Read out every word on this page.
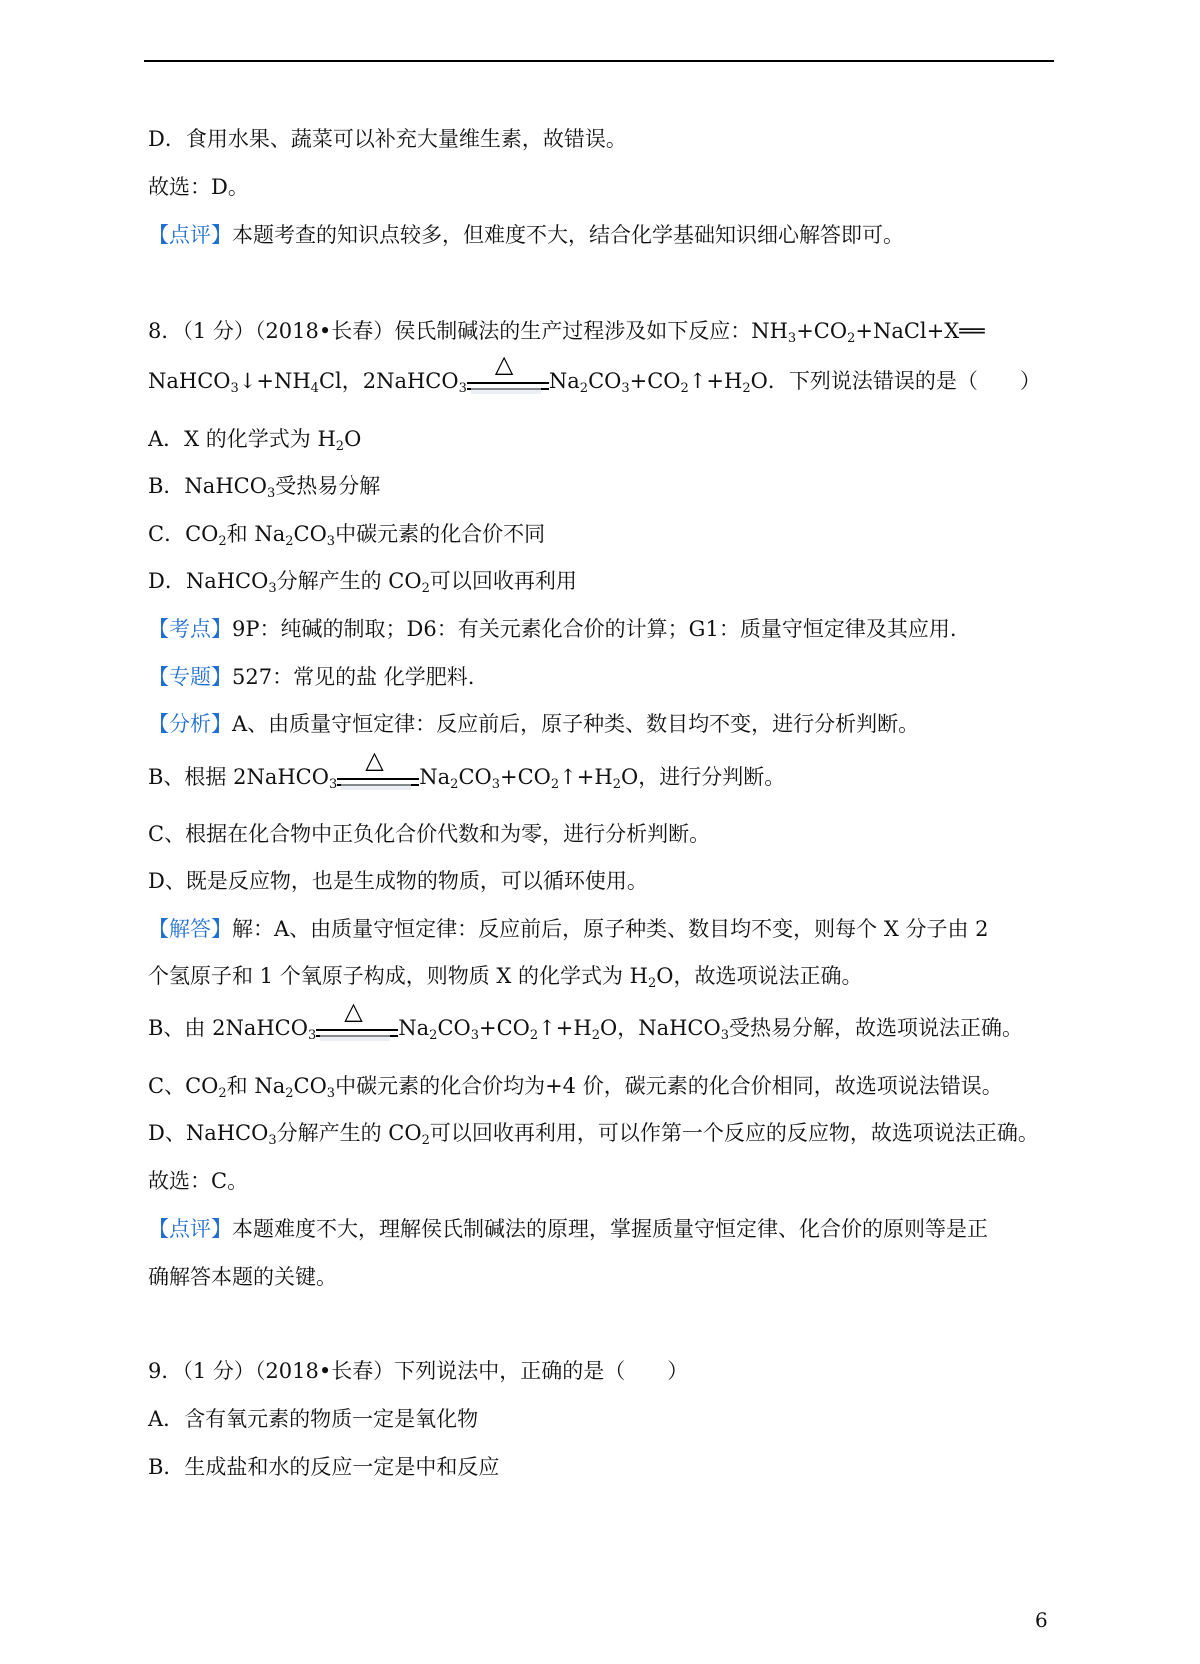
D．食用水果、蔬菜可以补充大量维生素，故错误。
故选：D。
【点评】本题考查的知识点较多，但难度不大，结合化学基础知识细心解答即可。
8．（1 分）（2018•长春）侯氏制碱法的生产过程涉及如下反应：$NH_3+CO_2+NaCl+X══$
$NaHCO_3↓+NH_4Cl$，2NaHCO$_3$
△
$Na_2CO_3+CO_2↑+H_2O$．下列说法错误的是（　　）
A．X 的化学式为 $H_2O$
B．NaHCO$_3$受热易分解
C．$CO_2$和 $Na_2CO_3$中碳元素的化合价不同
D．NaHCO$_3$分解产生的 $CO_2$可以回收再利用
【考点】9P：纯碱的制取；D6：有关元素化合价的计算；G1：质量守恒定律及其应用.
【专题】527：常见的盐 化学肥料.
【分析】A、由质量守恒定律：反应前后，原子种类、数目均不变，进行分析判断。
B、根据 2NaHCO$_3$
△
$Na_2CO_3+CO_2↑+H_2O$，进行分判断。
C、根据在化合物中正负化合价代数和为零，进行分析判断。
D、既是反应物，也是生成物的物质，可以循环使用。
【解答】解：A、由质量守恒定律：反应前后，原子种类、数目均不变，则每个 X 分子由 2
个氢原子和 1 个氧原子构成，则物质 X 的化学式为 $H_2O$，故选项说法正确。
B、由 2NaHCO$_3$
△
$Na_2CO_3+CO_2↑+H_2O$，NaHCO$_3$受热易分解，故选项说法正确。
C、$CO_2$和 $Na_2CO_3$中碳元素的化合价均为+4 价，碳元素的化合价相同，故选项说法错误。
D、NaHCO$_3$分解产生的 $CO_2$可以回收再利用，可以作第一个反应的反应物，故选项说法正确。
故选：C。
【点评】本题难度不大，理解侯氏制碱法的原理，掌握质量守恒定律、化合价的原则等是正
确解答本题的关键。
9．（1 分）（2018•长春）下列说法中，正确的是（　　）
A．含有氧元素的物质一定是氧化物
B．生成盐和水的反应一定是中和反应
6
